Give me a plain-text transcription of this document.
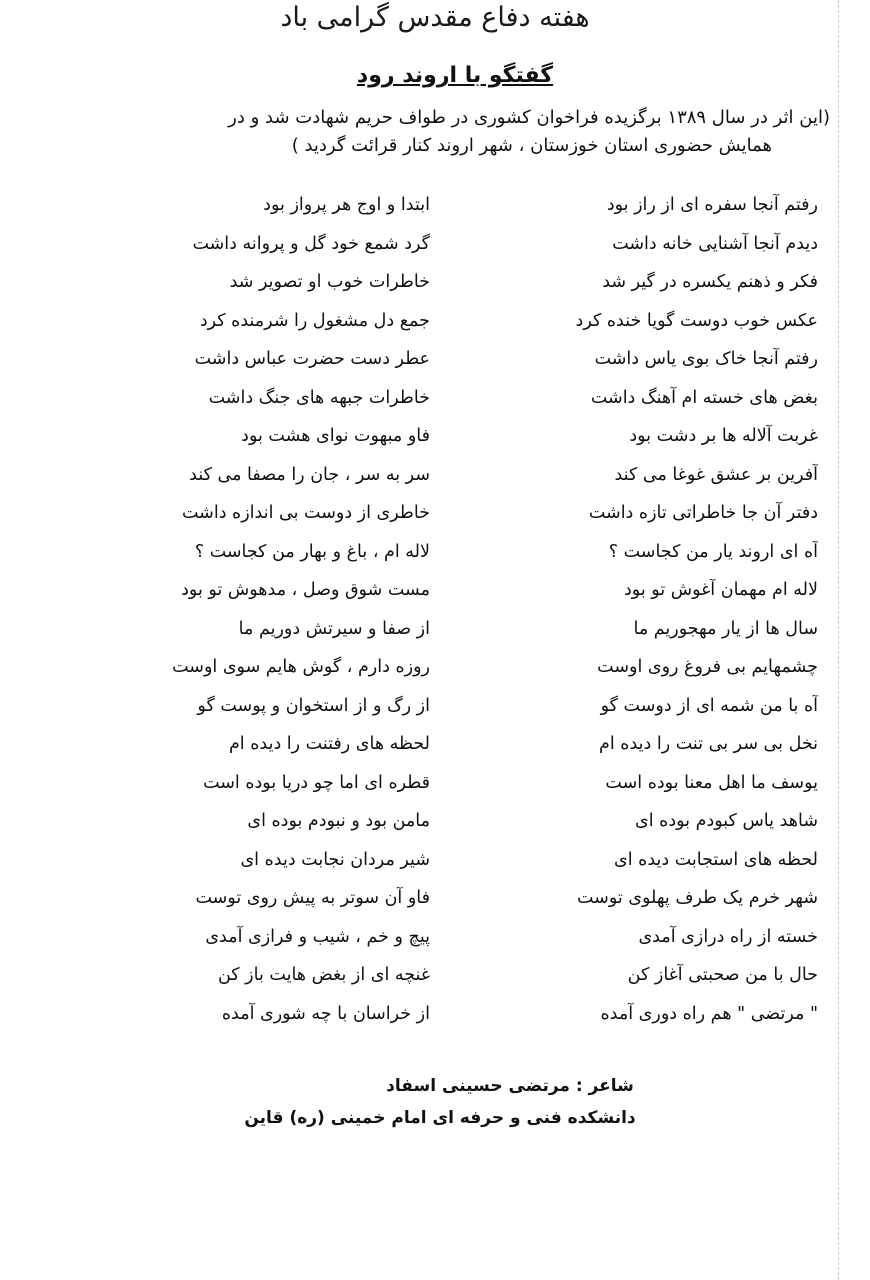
هفته دفاع مقدس گرامی باد
گفتگو با اروند رود
(این اثر در سال ۱۳۸۹ برگزیده فراخوان کشوری در طواف حریم شهادت شد و در
همایش حضوری استان خوزستان ، شهر اروند کنار قرائت گردید )
رفتم آنجا سفره ای از راز بود
دیدم آنجا آشنایی خانه داشت
فکر و ذهنم یکسره در گیر شد
عکس خوب دوست گویا خنده کرد
رفتم آنجا خاک بوی یاس داشت
بغض های خسته ام آهنگ داشت
غربت آلاله ها بر دشت بود
آفرین بر عشق غوغا می کند
دفتر آن جا خاطراتی تازه داشت
آه ای اروند یار من کجاست ؟
لاله ام مهمان آغوش تو بود
سال ها از یار مهجوریم ما
چشمهایم بی فروغ روی اوست
آه با من شمه ای از دوست گو
نخل بی سر بی تنت را دیده ام
یوسف ما اهل معنا بوده است
شاهد یاس کبودم بوده ای
لحظه های استجابت دیده ای
شهر خرم یک طرف پهلوی توست
خسته از راه درازی آمدی
حال با من صحبتی آغاز کن
" مرتضی " هم راه دوری آمده
ابتدا و اوج هر پرواز بود
گرد شمع خود گل و پروانه داشت
خاطرات خوب او تصویر شد
جمع دل مشغول را شرمنده کرد
عطر دست حضرت عباس داشت
خاطرات جبهه های جنگ داشت
فاو مبهوت نوای هشت بود
سر به سر ، جان را مصفا می کند
خاطری از دوست بی اندازه داشت
لاله ام ، باغ و بهار من کجاست ؟
مست شوق وصل ، مدهوش تو بود
از صفا و سیرتش دوریم ما
روزه دارم ، گوش هایم سوی اوست
از رگ و از استخوان و پوست گو
لحظه های رفتنت را دیده ام
قطره ای اما چو دریا بوده است
مامن بود و نبودم بوده ای
شیر مردان نجابت دیده ای
فاو آن سوتر به پیش روی توست
پیچ و خم ، شیب و فرازی آمدی
غنچه ای از بغض هایت باز کن
از خراسان با چه شوری آمده
شاعر : مرتضی حسینی اسفاد
دانشکده فنی و حرفه ای امام خمینی (ره) قاین
